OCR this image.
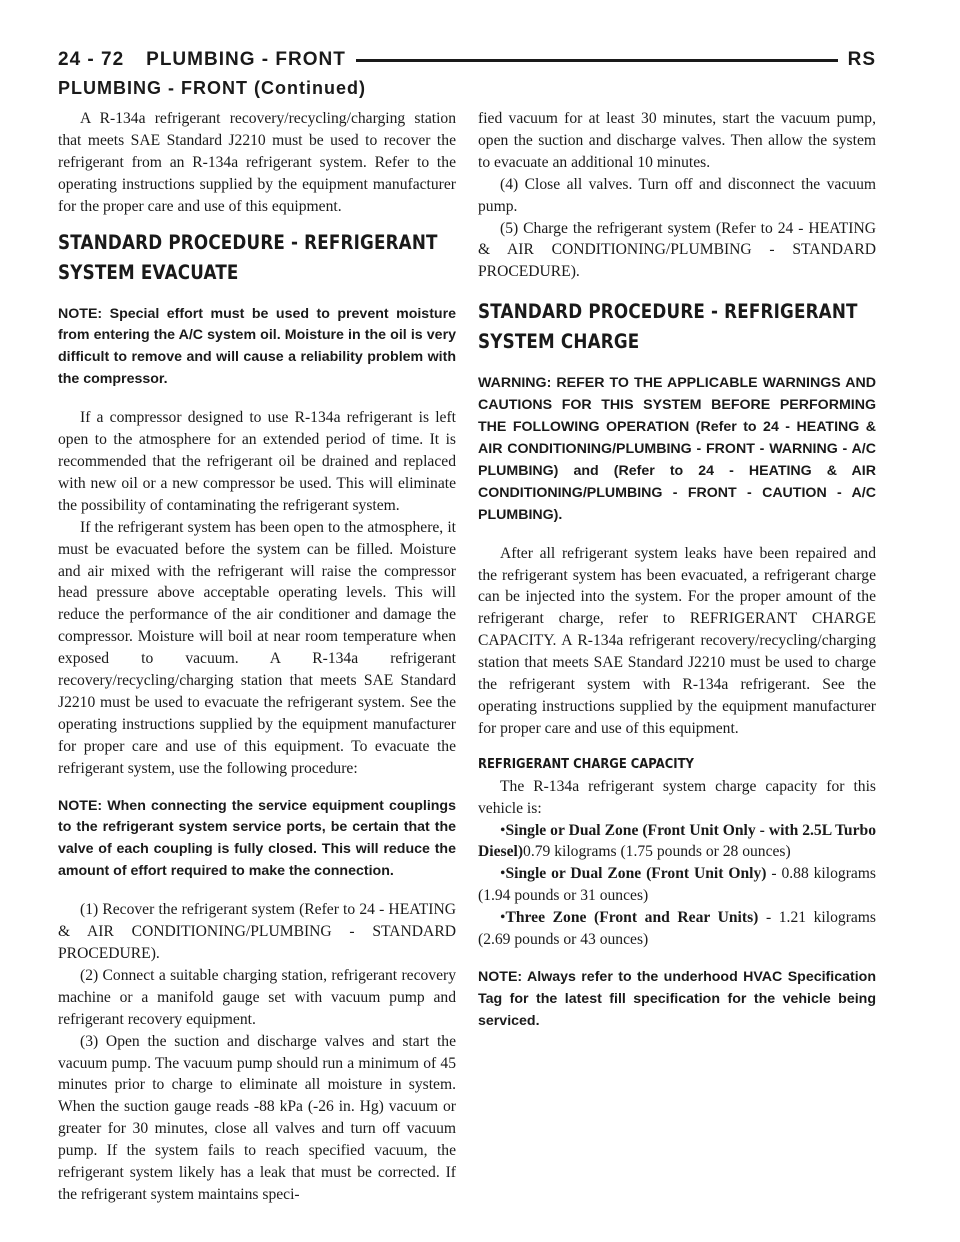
24 - 72 PLUMBING - FRONT	RS
PLUMBING - FRONT (Continued)

A R-134a refrigerant recovery/recycling/charging station that meets SAE Standard J2210 must be used to recover the refrigerant from an R-134a refrigerant system. Refer to the operating instructions supplied by the equipment manufacturer for the proper care and use of this equipment.

STANDARD PROCEDURE - REFRIGERANT
SYSTEM EVACUATE
NOTE: Special effort must be used to prevent moisture from entering the A/C system oil. Moisture in the oil is very difficult to remove and will cause a reliability problem with the compressor.

If a compressor designed to use R-134a refrigerant is left open to the atmosphere for an extended period of time. It is recommended that the refrigerant oil be drained and replaced with new oil or a new compressor be used. This will eliminate the possibility of contaminating the refrigerant system.

If the refrigerant system has been open to the atmosphere, it must be evacuated before the system can be filled. Moisture and air mixed with the refrigerant will raise the compressor head pressure above acceptable operating levels. This will reduce the performance of the air conditioner and damage the compressor. Moisture will boil at near room temperature when exposed to vacuum. A R-134a refrigerant recovery/recycling/charging station that meets SAE Standard J2210 must be used to evacuate the refrigerant system. See the operating instructions supplied by the equipment manufacturer for proper care and use of this equipment. To evacuate the refrigerant system, use the following procedure:

NOTE: When connecting the service equipment couplings to the refrigerant system service ports, be certain that the valve of each coupling is fully closed. This will reduce the amount of effort required to make the connection.

(1) Recover the refrigerant system (Refer to 24 - HEATING & AIR CONDITIONING/PLUMBING - STANDARD PROCEDURE).

(2) Connect a suitable charging station, refrigerant recovery machine or a manifold gauge set with vacuum pump and refrigerant recovery equipment.

(3) Open the suction and discharge valves and start the vacuum pump. The vacuum pump should run a minimum of 45 minutes prior to charge to eliminate all moisture in system. When the suction gauge reads -88 kPa (-26 in. Hg) vacuum or greater for 30 minutes, close all valves and turn off vacuum pump. If the system fails to reach specified vacuum, the refrigerant system likely has a leak that must be corrected. If the refrigerant system maintains speci-

fied vacuum for at least 30 minutes, start the vacuum pump, open the suction and discharge valves. Then allow the system to evacuate an additional 10 minutes.

(4) Close all valves. Turn off and disconnect the vacuum pump.

(5) Charge the refrigerant system (Refer to 24 - HEATING & AIR CONDITIONING/PLUMBING - STANDARD PROCEDURE).

STANDARD PROCEDURE - REFRIGERANT
SYSTEM CHARGE
WARNING: REFER TO THE APPLICABLE WARNINGS AND CAUTIONS FOR THIS SYSTEM BEFORE PERFORMING THE FOLLOWING OPERATION (Refer to 24 - HEATING & AIR CONDITIONING/PLUMBING - FRONT - WARNING - A/C PLUMBING) and (Refer to 24 - HEATING & AIR CONDITIONING/PLUMBING - FRONT - CAUTION - A/C PLUMBING).

After all refrigerant system leaks have been repaired and the refrigerant system has been evacuated, a refrigerant charge can be injected into the system. For the proper amount of the refrigerant charge, refer to REFRIGERANT CHARGE CAPACITY. A R-134a refrigerant recovery/recycling/charging station that meets SAE Standard J2210 must be used to charge the refrigerant system with R-134a refrigerant. See the operating instructions supplied by the equipment manufacturer for proper care and use of this equipment.

REFRIGERANT CHARGE CAPACITY

The R-134a refrigerant system charge capacity for this vehicle is:

•Single or Dual Zone (Front Unit Only - with 2.5L Turbo Diesel)0.79 kilograms (1.75 pounds or 28 ounces)
•Single or Dual Zone (Front Unit Only) - 0.88 kilograms (1.94 pounds or 31 ounces)
•Three Zone (Front and Rear Units) - 1.21 kilograms (2.69 pounds or 43 ounces)
NOTE: Always refer to the underhood HVAC Specification Tag for the latest fill specification for the vehicle being serviced.
